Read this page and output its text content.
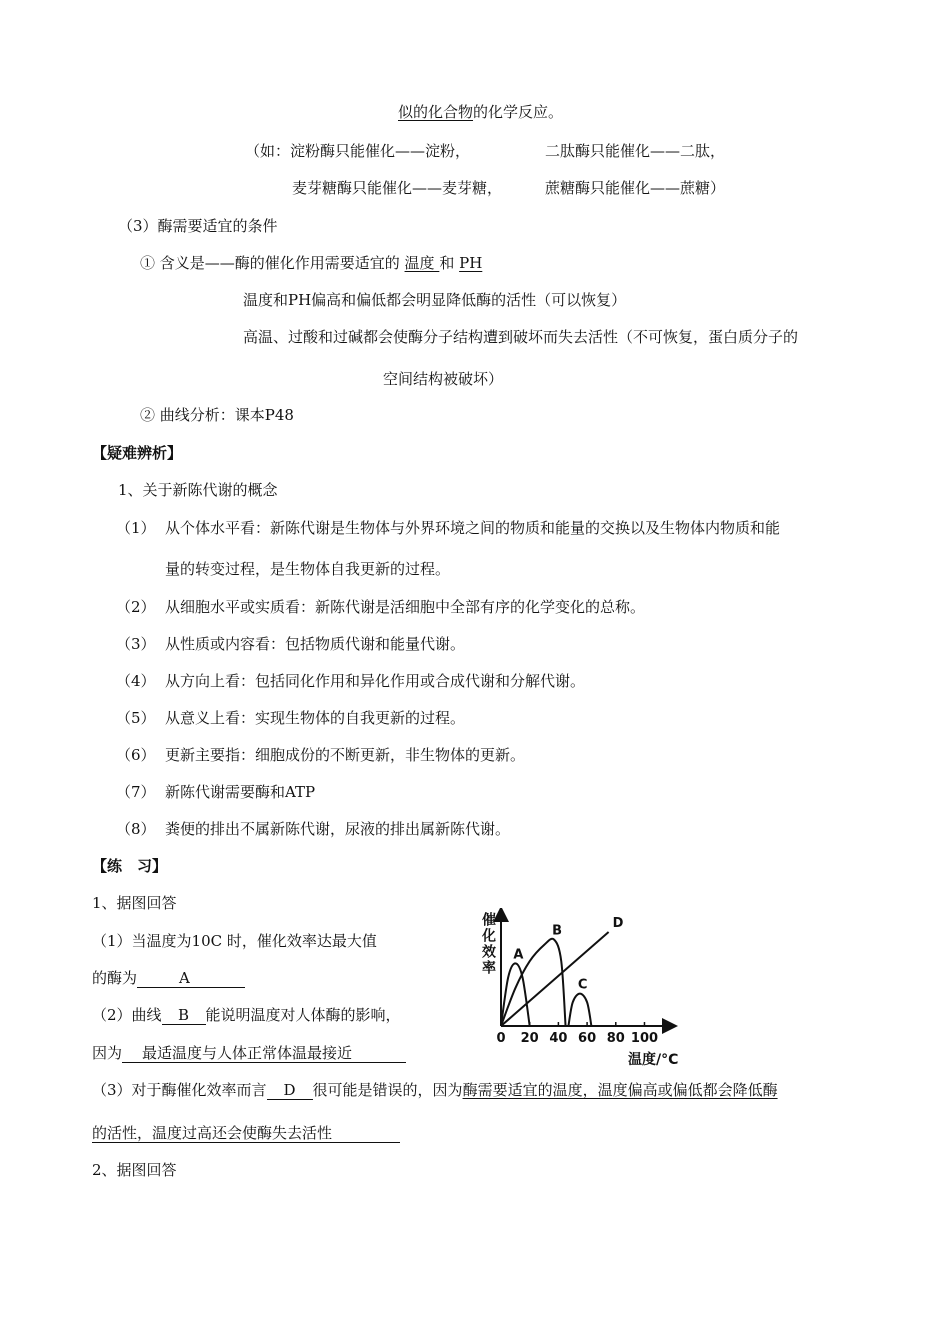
似的化合物的化学反应。
（如：淀粉酶只能催化——淀粉，	二肽酶只能催化——二肽，
麦芽糖酶只能催化——麦芽糖，	蔗糖酶只能催化——蔗糖）
（3）酶需要适宜的条件
① 含义是——酶的催化作用需要适宜的 温度 和 PH
温度和PH偏高和偏低都会明显降低酶的活性（可以恢复）
高温、过酸和过碱都会使酶分子结构遭到破坏而失去活性（不可恢复，蛋白质分子的
空间结构被破坏）
② 曲线分析：课本P48
【疑难辨析】
1、关于新陈代谢的概念
（1） 从个体水平看：新陈代谢是生物体与外界环境之间的物质和能量的交换以及生物体内物质和能
量的转变过程，是生物体自我更新的过程。
（2） 从细胞水平或实质看：新陈代谢是活细胞中全部有序的化学变化的总称。
（3） 从性质或内容看：包括物质代谢和能量代谢。
（4） 从方向上看：包括同化作用和异化作用或合成代谢和分解代谢。
（5） 从意义上看：实现生物体的自我更新的过程。
（6） 更新主要指：细胞成份的不断更新，非生物体的更新。
（7） 新陈代谢需要酶和ATP
（8） 粪便的排出不属新陈代谢，尿液的排出属新陈代谢。
【练　习】
1、据图回答
（1）当温度为10C 时，催化效率达最大值
的酶为	A
（2）曲线 B 能说明温度对人体酶的影响，
因为 最适温度与人体正常体温最接近
（3）对于酶催化效率而言 D 很可能是错误的，因为酶需要适宜的温度，温度偏高或偏低都会降低酶
的活性，温度过高还会使酶失去活性
2、据图回答
A
B
C
D
0 20 40 60 80 100
催化效率
温度/°C
